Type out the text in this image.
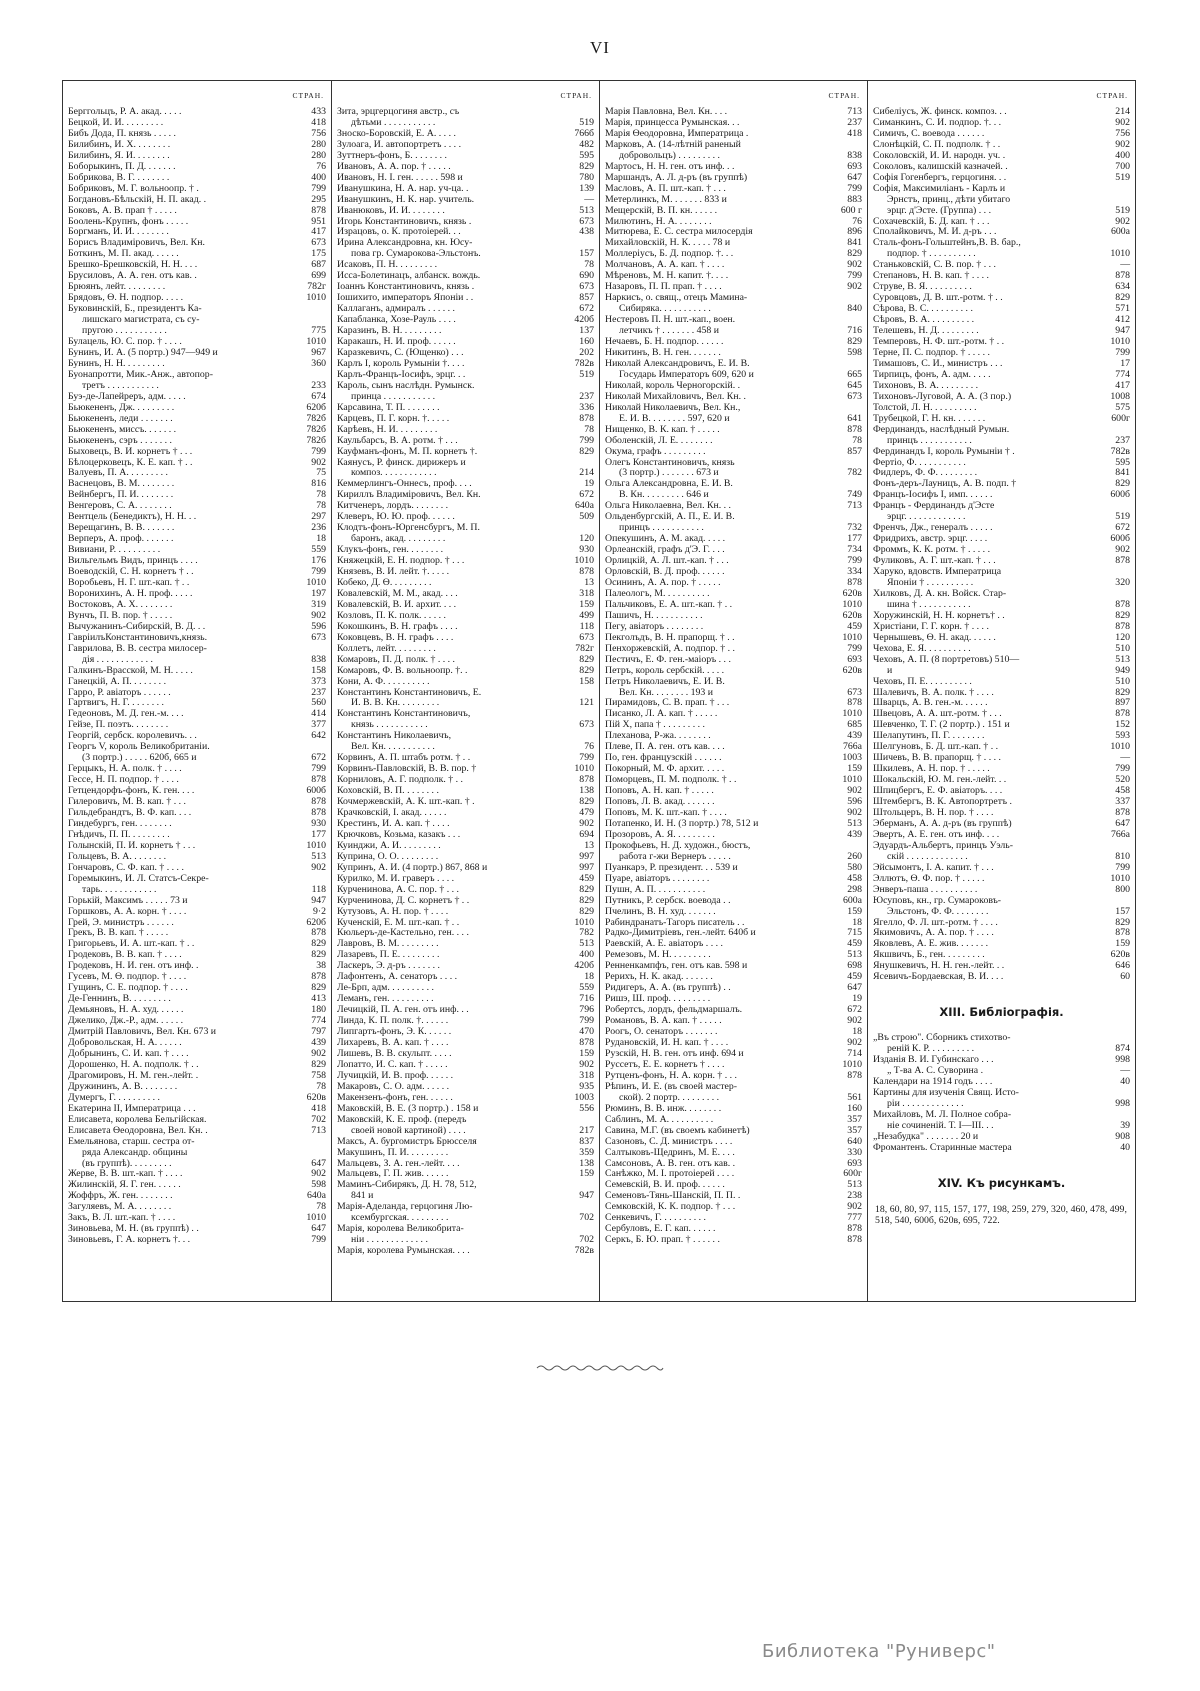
VI
СТРАН.
Берггольцъ, Р. А. акад. . . . .	433
Бецкой, И. И. . . . . . . . .	418
Бибъ Дода, П. князь . . . . .	756
Билибинъ, И. Х. . . . . . . .	280
Билибинъ, Я. И. . . . . . . .	280
Боборыкинъ, П. Д. . . . . . .	76
Бобрикова, В. Г. . . . . . . .	400
Бобриковъ, М. Г. вольноопр. † .	799
Богдановъ-Бѣльскій, Н. П. акад. .	295
Боковъ, А. В. прап † . . . . .	878
Боолень-Крупнъ, фонъ . . . . .	951
Боргманъ, И. И. . . . . . . .	417
Борисъ Владиміровичъ, Вел. Кн.	673
Боткинъ, М. П. акад. . . . . .	175
Брешко-Брешковскій, Н. Н. . . .	687
Брусиловъ, А. А. ген. отъ кав. .	699
Брюянъ, лейт. . . . . . . . .	782г
Брядовъ, Ѳ. Н. подпор. . . . .	1010
Буковинскій, Б., президентъ Ка-
лишскаго магистрата, съ су-
пругою . . . . . . . . . . .	775
Булацель, Ю. С. пор. † . . . .	1010
Бунинъ, И. А. (5 портр.) 947—949 и	967
Бунинъ, Н. Н. . . . . . . . .	360
Буонапротти, Мик.-Анж., автопор-
третъ . . . . . . . . . . .	233
Буэ-де-Лапейреръ, адм. . . . .	674
Бьюкененъ, Дж. . . . . . . . .	620б
Бьюкененъ, леди . . . . . . .	782б
Бьюкененъ, миссъ. . . . . . .	782б
Бьюкененъ, сэръ . . . . . . .	782б
Быховецъ, В. И. корнетъ † . . .	799
Бѣлоцерковецъ, К. Е. кап. † . .	902
Валуевъ, П. А. . . . . . . . .	75
Васнецовъ, В. М. . . . . . . .	816
Вейнбергъ, П. И. . . . . . . .	78
Венгеровъ, С. А. . . . . . . .	78
Вентцель (Бенедиктъ), Н. Н. . .	297
Верещагинъ, В. В. . . . . . .	236
Верперъ, А. проф. . . . . . .	18
Вивиани, Р. . . . . . . . . .	559
Вильгельмъ Видъ, принцъ . . . .	176
Воеводскій, С. Н. корнетъ † . .	799
Воробьевъ, Н. Г. шт.-кап. † . .	1010
Воронихинъ, А. Н. проф. . . . .	197
Востоковъ, А. Х. . . . . . . .	319
Вунчъ, П. В. пор. † . . . . .	902
Вычужанинъ-Сибирскій, В. Д. . .	596
ГавріилъКонстантиновичъ,князь.	673
Гаврилова, В. В. сестра милосер-
дія . . . . . . . . . . . .	838
Галкинъ-Врасской, М. Н. . . . .	158
Ганецкій, А. П. . . . . . . .	373
Гарро, Р. авіаторъ . . . . . .	237
Гартвигъ, Н. Г. . . . . . . .	560
Гедеоновъ, М. Д. ген.-м. . . .	414
Гейзе, П. поэтъ. . . . . . . .	377
Георгій, сербск. королевичъ. . .	642
Георгъ V, король Великобританіи.
(3 портр.) . . . . . 620б, 665 и	672
Герцыкъ, Н. А. полк. † . . . .	799
Гессе, Н. П. подпор. † . . . .	878
Гетцендорфъ-фонъ, К. ген. . . .	600б
Гилеровичъ, М. В. кап. † . . .	878
Гильдебрандтъ, В. Ф. кап. . . .	878
Гиндебургъ, ген. . . . . . . .	930
Гнѣдичъ, П. П. . . . . . . . .	177
Голынскій, П. И. корнетъ † . . .	1010
Гольцевъ, В. А. . . . . . . .	513
Гончаровъ, С. Ф. кап. † . . . .	902
Горемыкинъ, И. Л. Статсъ-Секре-
тарь. . . . . . . . . . . .	118
Горькій, Максимъ . . . . . 73 и	947
Горшковъ, А. А. корн. † . . . .	9·2
Грей, Э. министръ . . . . . .	620б
Грекъ, В. В. кап. † . . . . .	878
Григорьевъ, И. А. шт.-кап. † . .	829
Гродековъ, В. В. кап. † . . . .	829
Гродековъ, Н. И. ген. отъ инф. .	38
Гусевъ, М. Ѳ. подпор. † . . . .	878
Гущинъ, С. Е. подпор. † . . . .	829
Де-Геннинъ, В. . . . . . . . .	413
Демьяновъ, Н. А. худ. . . . . .	180
Джелико, Дж.-Р., адм. . . . . .	774
Дмитрій Павловичъ, Вел. Кн. 673 и	797
Добровольская, Н. А. . . . . .	439
Добрынинъ, С. И. кап. † . . . .	902
Дорошенко, Н. А. подполк. † . .	829
Драгомировъ, Н. М. ген.-лейт. .	758
Дружининъ, А. В. . . . . . . .	78
Думергъ, Г. . . . . . . . . .	620в
Екатерина II, Императрица . . .	418
Елисавета, королева Бельгійская.	702
Елисавета Ѳеодоровна, Вел. Кн. .	713
Емельянова, старш. сестра от-
ряда Александр. общины
(въ группѣ). . . . . . . . .	647
Жерве, В. В. шт.-кап. † . . . .	902
Жилинскій, Я. Г. ген. . . . . .	598
Жоффръ, Ж. ген. . . . . . . .	640а
Загуляевъ, М. А. . . . . . . .	78
Закъ, В. Л. шт.-кап. † . . . .	1010
Зиновьева, М. Н. (въ группѣ) . .	647
Зиновьевъ, Г. А. корнетъ †. . .	799
СТРАН.
Зита, эрцгерцогиня австр., съ
дѣтьми . . . . . . . . . . .	519
Зноско-Боровскій, Е. А. . . . .	766б
Зулоага, И. автопортретъ . . . .	482
Зуттнеръ-фонъ, Б. . . . . . . .	595
Ивановъ, А. А. пор. † . . . . .	829
Ивановъ, Н. І. ген. . . . . . 598 и	780
Иванушкина, Н. А. нар. уч-ца. .	139
Иванушкинъ, Н. К. нар. учитель.	—
Иванюковъ, И. И. . . . . . . .	513
Игорь Константиновичъ, князь .	673
Израцовъ, о. К. протоіерей. . .	438
Ирина Александровна, кн. Юсу-
пова гр. Сумарокова-Эльстонъ.	157
Исаковъ, П. Н. . . . . . . . .	78
Исса-Болетинацъ, албанск. вождь.	690
Іоаннъ Константиновичъ, князь .	673
Іошихито, императоръ Японіи . .	857
Каллаганъ, адмиралъ . . . . . .	672
Капабланка, Хозе-Рауль . . . .	420б
Каразинъ, В. Н. . . . . . . . .	137
Каракашъ, Н. И. проф. . . . . .	160
Каразкевичъ, С. (Ющенко) . . .	202
Карлъ I, король Румыніи †. . . .	782в
Карлъ-Францъ-Іосифъ, эрцг. . .	519
Кароль, сынъ наслѣдн. Румынск.
принца . . . . . . . . . . .	237
Карсавина, Т. П. . . . . . . .	336
Карцевъ, П. Г. корн. †. . . . .	878
Карѣевъ, Н. И. . . . . . . . .	78
Каульбарсъ, В. А. ротм. † . . .	799
Кауфманъ-фонъ, М. П. корнетъ †.	829
Каянусъ, Р. финск. дирижеръ и
композ. . . . . . . . . . . .	214
Кеммерлингъ-Оннесъ, проф. . . .	19
Кириллъ Владиміровичъ, Вел. Кн.	672
Китченеръ, лордъ. . . . . . . .	640а
Клеверъ, Ю. Ю. проф. . . . . .	509
Клодтъ-фонъ-Юргенсбургъ, М. П.
баронъ, акад. . . . . . . . .	120
Клукъ-фонъ, ген. . . . . . . .	930
Княжецкій, Е. Н. подпор. † . . .	1010
Князевъ, В. И. лейт. †. . . . .	878
Кобеко, Д. Ѳ. . . . . . . . .	13
Ковалевскій, М. М., акад. . . .	318
Ковалевскій, В. И. архит. . . .	159
Козловъ, П. К. полк. . . . . .	499
Кокошкинъ, В. Н. графъ . . . .	118
Коковцевъ, В. Н. графъ . . . .	673
Коллетъ, лейт. . . . . . . . .	782г
Комаровъ, П. Д. полк. † . . . .	829
Комаровъ, Ф. В. вольноопр. †. .	829
Кони, А. Ф. . . . . . . . . .	158
Константинъ Константиновичъ, Е.
И. В. В. Кн. . . . . . . . .	121
Константинъ Константиновичъ,
князь . . . . . . . . . . .	673
Константинъ Николаевичъ,
Вел. Кн. . . . . . . . . . .	76
Корвинъ, А. П. штабъ ротм. † . .	799
Корвинъ-Павловскій, В. В. пор. †	1010
Корниловъ, А. Г. подполк. † . .	878
Коховскій, В. П. . . . . . . .	138
Кочмержевскій, А. К. шт.-кап. † .	829
Крачковскій, І. акад. . . . . .	479
Крестинъ, И. А. кап. † . . . .	902
Крючковъ, Козьма, казакъ . . .	694
Куинджи, А. И. . . . . . . . .	13
Куприна, О. О. . . . . . . . .	997
Купринъ, А. И. (4 портр.) 867, 868 и	997
Курилко, М. И. граверъ . . . .	459
Курченинова, А. С. пор. † . . .	829
Курченинова, Д. С. корнетъ † . .	829
Кутузовъ, А. Н. пор. † . . . .	829
Кученскій, Е. М. шт.-кап. † . .	1010
Кюльеръ-де-Кастельно, ген. . . .	782
Лавровъ, В. М. . . . . . . . .	513
Лазаревъ, П. Е. . . . . . . . .	400
Ласкеръ, Э. д-ръ . . . . . . .	420б
Лафонтенъ, А. сенаторъ . . . .	18
Ле-Брп, адм. . . . . . . . . .	559
Леманъ, ген. . . . . . . . . .	716
Лечицкій, П. А. ген. отъ инф. . .	796
Линда, К. П. полк. †. . . . . .	799
Липгартъ-фонъ, Э. К. . . . . .	470
Лихаревъ, В. А. кап. † . . . .	878
Лишевъ, В. В. скульпт. . . . .	159
Лопатто, И. С. кап. † . . . . .	902
Лучицкій, И. В. проф. . . . . .	318
Макаровъ, С. О. адм. . . . . .	935
Макензенъ-фонъ, ген. . . . . .	1003
Маковскій, В. Е. (3 портр.) . 158 и	556
Маковскій, К. Е. проф. (передъ
своей новой картиной) . . . .	217
Максъ, А. бургомистръ Брюсселя	837
Макушинъ, П. И. . . . . . . . .	359
Мальцевъ, З. А. ген.-лейт. . . .	138
Мальцевъ, Г. П. жив. . . . . .	159
Маминъ-Сибирякъ, Д. Н. 78, 512,
841 и	947
Марія-Аделанда, герцогиня Лю-
ксембургская. . . . . . . . .	702
Марія, королева Великобрита-
ніи . . . . . . . . . . . . .	702
Марія, королева Румынская. . . .	782в
СТРАН.
Марія Павловна, Вел. Кн. . . .	713
Марія, принцесса Румынская. . .	237
Марія Ѳеодоровна, Императрица .	418
Марковъ, А. (14-лѣтній раненый
добровольцъ) . . . . . . . . .	838
Мартосъ, Н. Н. ген. отъ инф. . .	693
Маршандъ, А. Л. д-ръ (въ группѣ)	647
Масловъ, А. П. шт.-кап. † . . .	799
Метерлинкъ, М. . . . . . . 833 и	883
Мещерскій, В. П. кн. . . . . .	600 г
Милютинъ, Н. А. . . . . . . .	76
Митюрева, Е. С. сестра милосердія	896
Михайловскій, Н. К. . . . . 78 и	841
Моллеріусъ, Б. Д. подпор. †. . .	829
Молчановъ, А. А. кап. † . . . .	902
Мѣреновъ, М. Н. капит. †. . . .	799
Назаровъ, П. П. прап. † . . . .	902
Наркисъ, о. свящ., отецъ Мамина-
Сибиряка. . . . . . . . . . .	840
Нестеровъ П. Н. шт.-кап., воен.
летчикъ † . . . . . . . 458 и	716
Нечаевъ, Б. Н. подпор. . . . . .	829
Никитинъ, В. Н. ген. . . . . . .	598
Николай Александровичъ, Е. И. В.
Государь Императоръ 609, 620 и	665
Николай, король Черногорскій. .	645
Николай Михайловичъ, Вел. Кн. .	673
Николай Николаевичъ, Вел. Кн.,
Е. И. В. . . . . . . . 597, 620 и	641
Нищенко, В. К. кап. † . . . . .	878
Оболенскій, Л. Е. . . . . . . .	78
Окума, графъ . . . . . . . . .	857
Олегъ Константиновичъ, князь
(3 портр.) . . . . . . . 673 и	782
Ольга Александровна, Е. И. В.
В. Кн. . . . . . . . . 646 и	749
Ольга Николаевна, Вел. Кн. . .	713
Ольденбургскій, А. П., Е. И. В.
принцъ . . . . . . . . . . .	732
Опекушинъ, А. М. акад. . . . .	177
Орлеанскій, графъ д'Э. Г. . . .	734
Орлицкій, А. Л. шт.-кап. † . . .	799
Орловскій, В. Д. проф. . . . . .	334
Осининъ, А. А. пор. † . . . . .	878
Палеологъ, М. . . . . . . . . .	620в
Пальчиковъ, Е. А. шт.-кап. † . .	1010
Пашичъ, Н. . . . . . . . . . .	620в
Пегу, авіаторъ . . . . . . . .	459
Пекголъдъ, В. Н. прапорщ. † . .	1010
Пенхоржевскій, А. подпор. † . .	799
Пестичъ, Е. Ф. ген.-маіоръ . . .	693
Петръ, король сербскій. . . . .	620в
Петръ Николаевичъ, Е. И. В.
Вел. Кн. . . . . . . . 193 и	673
Пирамидовъ, С. В. прап. † . . .	878
Писанко, Л. А. кап. † . . . . .	1010
Пій X, папа † . . . . . . . . .	685
Плеханова, Р-жа. . . . . . . .	439
Плеве, П. А. ген. отъ кав. . . .	766а
По, ген. французскій . . . . . .	1003
Покорный, М. Ф. архит. . . . .	159
Поморцевъ, П. М. подполк. † . .	1010
Поповъ, А. Н. кап. † . . . . .	902
Поповъ, Л. В. акад. . . . . . .	596
Поповъ, М. К. шт.-кап. † . . . .	902
Потапенко, И. Н. (3 портр.) 78, 512 и	513
Прозоровъ, А. Я. . . . . . . . .	439
Прокофьевъ, Н. Д. художн., бюстъ,
работа г-жи Вернеръ . . . . .	260
Пуанкарэ, Р. президент. . . 539 и	580
Пуаре, авіаторъ . . . . . . . .	458
Пушн, А. П. . . . . . . . . . .	298
Путникъ, Р. сербск. воевода . .	600а
Пчелинъ, В. Н. худ. . . . . . .	159
Рабиндранатъ-Тагоръ писатель . .	18
Радко-Димитріевъ, ген.-лейт. 640б и	715
Раевскій, А. Е. авіаторъ . . . .	459
Ремезовъ, М. Н. . . . . . . . .	513
Ренненкампфъ, ген. отъ кав. 598 и	698
Рерихъ, Н. К. акад. . . . . . .	459
Ридигеръ, А. А. (въ группѣ) . .	647
Ришэ, Ш. проф. . . . . . . . .	19
Робертсъ, лордъ, фельдмаршалъ.	672
Романовъ, В. А. кап. † . . . . .	902
Роогъ, О. сенаторъ . . . . . . .	18
Рудановскій, И. Н. кап. † . . . .	902
Рузскій, Н. В. ген. отъ инф. 694 и	714
Руссетъ, Е. Е. корнетъ † . . . .	1010
Рутценъ-фонъ, Н. А. корн. † . . .	878
Рѣпинъ, И. Е. (въ своей мастер-
ской). 2 портр. . . . . . . . .	561
Рюминъ, В. В. инж. . . . . . . .	160
Саблинъ, М. А. . . . . . . . . .	357
Савина, М.Г. (въ своемъ кабинетѣ)	357
Сазоновъ, С. Д. министръ . . . .	640
Салтыковъ-Щедринъ, М. Е. . . .	330
Самсоновъ, А. В. ген. отъ кав. .	693
Санѣжко, М. І. протоіерей . . . .	600г
Семевскій, В. И. проф. . . . . .	513
Семеновъ-Тянь-Шанскій, П. П. .	238
Семковскій, К. К. подпор. † . . .	902
Сенкевичъ, Г. . . . . . . . . .	777
Сербуловъ, Е. Г. кап. . . . . .	878
Серкъ, Б. Ю. прап. † . . . . . .	878
СТРАН.
Сибеліусъ, Ж. финск. композ. . .	214
Симанкинъ, С. И. подпор. †. . .	902
Симичъ, С. воевода . . . . . .	756
Слонѣцкій, С. П. подполк. † . .	902
Соколовскій, И. И. народн. уч. .	400
Соколовъ, калишскій казначей. .	700
Софія Гогенбергъ, герцогиня. . .	519
Софія, Максимиліанъ - Карлъ и
Эрнстъ, принц., дѣти убитаго
эрцг. д'Эсте. (Группа) . . .	519
Сохачевскій, Б. Д. кап. † . . .	902
Сполайковичъ, М. И. д-ръ . . .	600а
Сталь-фонъ-Гольштейнъ,В. В. бар.,
подпор. † . . . . . . . . . .	1010
Станьковскій, С. В. пор. † . . .	—
Степановъ, Н. В. кап. † . . . .	878
Струве, В. Я. . . . . . . . . .	634
Суровцовъ, Д. В. шт.-ротм. † . .	829
Сѣрова, В. С. . . . . . . . . .	571
Сѣровъ, В. А. . . . . . . . . .	412
Телешевъ, Н. Д. . . . . . . . .	947
Темперовъ, Н. Ф. шт.-ротм. † . .	1010
Терне, П. С. подпор. † . . . . .	799
Тимашовъ, С. И., министръ . . .	17
Тирпицъ, фонъ, А. адм. . . . .	774
Тихоновъ, В. А. . . . . . . . .	417
Тихоновъ-Луговой, А. А. (3 пор.)	1008
Толстой, Л. Н. . . . . . . . . .	575
Трубецкой, Г. Н. кн. . . . . . .	600г
Фердинандъ, наслѣдный Румын.
принцъ . . . . . . . . . . .	237
Фердинандъ I, король Румыніи † .	782в
Фертіо, Ф. . . . . . . . . . .	595
Фидлеръ, Ф. Ф. . . . . . . . .	841
Фонъ-деръ-Лауницъ, А. В. подп. †	829
Францъ-Іосифъ I, имп. . . . . .	600б
Францъ - Фердинандъ д'Эсте
эрцг. . . . . . . . . . . . .	519
Френчъ, Дж., генералъ . . . . .	672
Фридрихъ, австр. эрцг. . . . .	600б
Фроммъ, К. К. ротм. † . . . . .	902
Фуликовъ, А. Г. шт.-кап. † . . .	878
Харуко, вдовств. Императрица
Японіи † . . . . . . . . . .	320
Хилковъ, Д. А. кн. Войск. Стар-
шина † . . . . . . . . . . .	878
Хоружинскій, Н. Н. корнетъ† . .	829
Христіани, Г. Г. корн. † . . . .	878
Чернышевъ, Ѳ. Н. акад. . . . . .	120
Чехова, Е. Я. . . . . . . . . .	510
Чеховъ, А. П. (8 портретовъ) 510—	513
и	949
Чеховъ, П. Е. . . . . . . . . .	510
Шалевичъ, В. А. полк. † . . . .	829
Шварцъ, А. В. ген.-м. . . . . .	897
Швецовъ, А. А. шт.-ротм. † . . .	878
Шевченко, Т. Г. (2 портр.) . 151 и	152
Шелапутинъ, П. Г. . . . . . . .	593
Шелгуновъ, Б. Д. шт.-кап. † . .	1010
Шичевъ, В. В. прапорщ. † . . . .	—
Шкилевъ, А. Н. пор. † . . . . .	799
Шокальскій, Ю. М. ген.-лейт. . .	520
Шпицбергъ, Е. Ф. авіаторъ. . . .	458
Штембергъ, В. К. Автопортретъ .	337
Штольцеръ, В. Н. пор. † . . . .	878
Эберманъ, А. А. д-ръ (въ группѣ)	647
Эвертъ, А. Е. ген. отъ инф. . . .	766а
Эдуардъ-Альбертъ, принцъ Уэль-
скій . . . . . . . . . . . . .	810
Эйсымонтъ, І. А. капит. † . . .	799
Эллютъ, Ѳ. Ф. пор. † . . . . .	1010
Энверъ-паша . . . . . . . . . .	800
Юсуповъ, кн., гр. Сумароковъ-
Эльстонъ, Ф. Ф. . . . . . . .	157
Ягелло, Ф. Л. шт.-ротм. † . . . .	829
Якимовичъ, А. А. пор. † . . . .	878
Яковлевъ, А. Е. жив. . . . . . .	159
Якшвичъ, Б., ген. . . . . . . . .	620в
Янушкевичъ, Н. Н. ген.-лейт. . .	646
Ясевичъ-Бордаевская, В. И. . . .	60
XIII. Библіографія.
„Въ строю". Сборникъ стихотво-
реній К. Р. . . . . . . . . .	874
Изданія В. И. Губинскаго . . .	998
„ Т-ва А. С. Суворина .	—
Календари на 1914 годъ . . . .	40
Картины для изученія Свящ. Исто-
ріи . . . . . . . . . . . . .	998
Михайловъ, М. Л. Полное собра-
ніе сочиненій. Т. І—ІІІ. . .	39
„Незабудка" . . . . . . . 20 и	908
Фромантенъ. Старинные мастера	40
XIV. Къ рисункамъ.
18, 60, 80, 97, 115, 157, 177, 198, 259, 279, 320, 460, 478, 499, 518, 540, 600б, 620в, 695, 722.
Библиотека "Руниверс"
